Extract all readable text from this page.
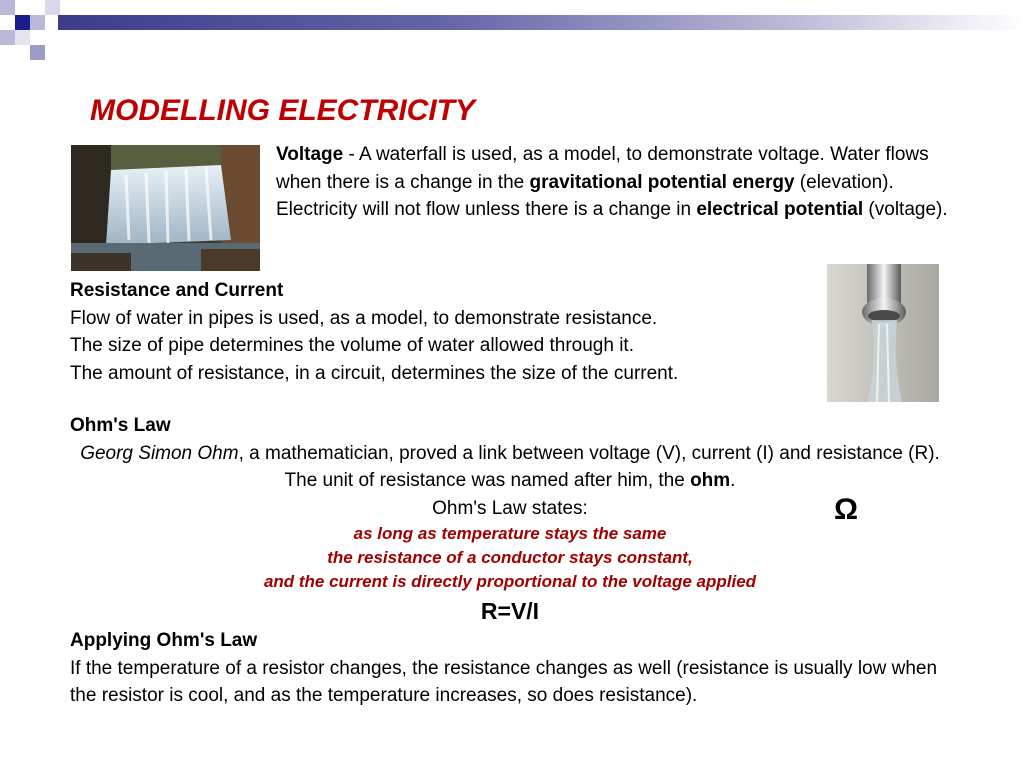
MODELLING ELECTRICITY
Voltage - A waterfall is used, as a model, to demonstrate voltage. Water flows when there is a change in the gravitational potential energy (elevation). Electricity will not flow unless there is a change in electrical potential (voltage).
Resistance and Current
Flow of water in pipes is used, as a model, to demonstrate resistance.
The size of pipe determines the volume of water allowed through it.
The amount of resistance, in a circuit, determines the size of the current.
Ohm's Law
Georg Simon Ohm, a mathematician, proved a link between voltage (V), current (I) and resistance (R). The unit of resistance was named after him, the ohm.
Ohm's Law states:
as long as temperature stays the same
the resistance of a conductor stays constant,
and the current is directly proportional to the voltage applied
R=V/I
Ω
Applying Ohm's Law
If the temperature of a resistor changes, the resistance changes as well (resistance is usually low when the resistor is cool, and as the temperature increases, so does resistance).
